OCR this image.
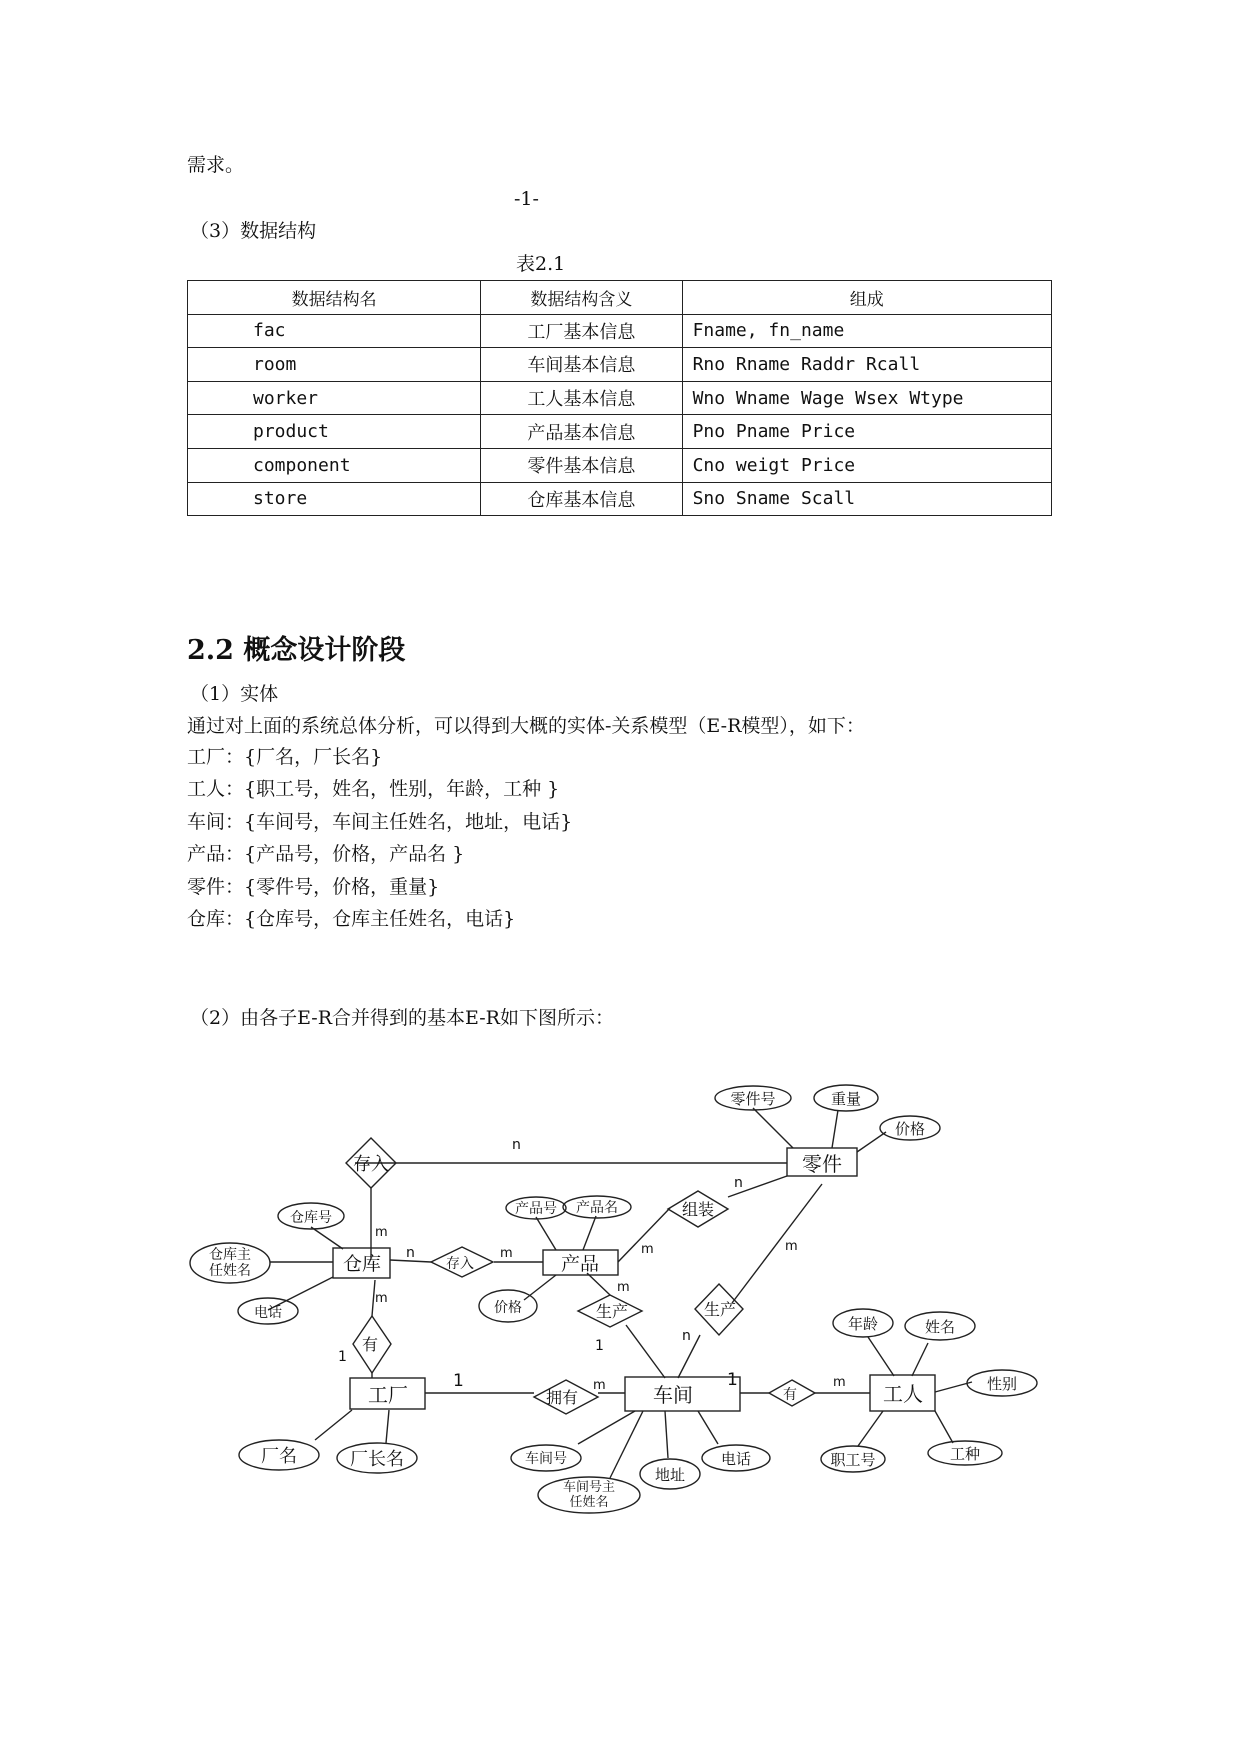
需求。
-1-
（3）数据结构
表2.1
数据结构名	数据结构含义	组成
fac	工厂基本信息	Fname, fn_name
room	车间基本信息	Rno Rname Raddr Rcall
worker	工人基本信息	Wno Wname Wage Wsex Wtype
product	产品基本信息	Pno Pname Price
component	零件基本信息	Cno weigt Price
store	仓库基本信息	Sno Sname Scall
2.2 概念设计阶段
（1）实体
通过对上面的系统总体分析，可以得到大概的实体-关系模型（E-R模型），如下：
工厂：{厂名，厂长名}
工人：{职工号，姓名，性别，年龄，工种 }
车间：{车间号，车间主任姓名，地址，电话}
产品：{产品号，价格，产品名 }
零件：{零件号，价格，重量}
仓库：{仓库号，仓库主任姓名，电话}
（2）由各子E-R合并得到的基本E-R如下图所示：
零件
仓库	产品
工厂	车间	工人
存入
存入
组装
有
生产	生产
拥有	有
零件号	重量
价格
仓库号
仓库主
任姓名
电话
产品号 产品名
价格
厂名	厂长名	车间号
车间号主
任姓名
地址
电话
年龄	姓名
性别
职工号	工种
n
m
n	m
n
m
m
1
m
1
m
n
1	m	1	m
